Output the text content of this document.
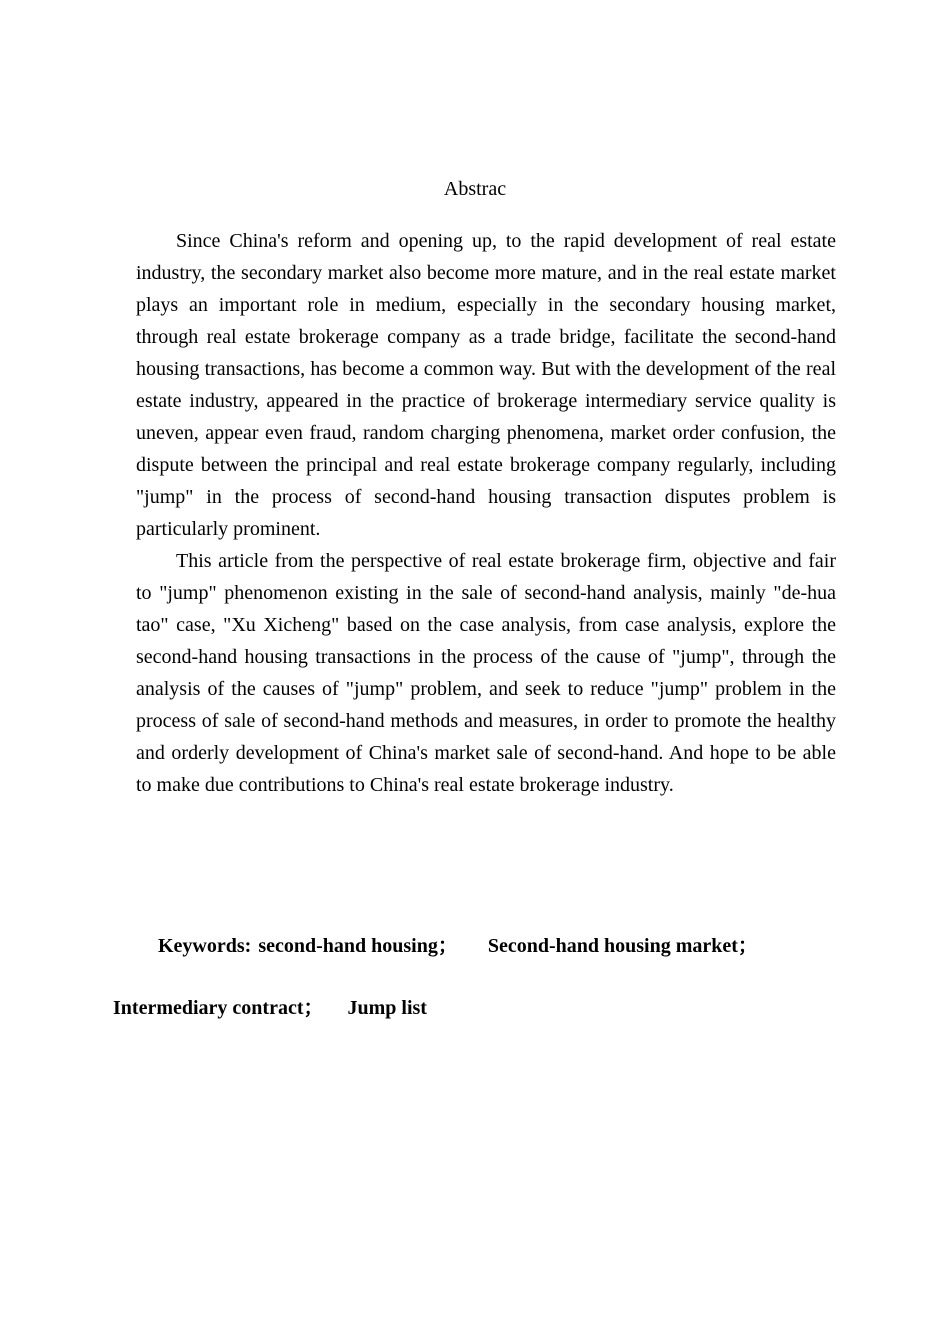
Abstrac

Since China's reform and opening up, to the rapid development of real estate industry, the secondary market also become more mature, and in the real estate market plays an important role in medium, especially in the secondary housing market, through real estate brokerage company as a trade bridge, facilitate the second-hand housing transactions, has become a common way. But with the development of the real estate industry, appeared in the practice of brokerage intermediary service quality is uneven, appear even fraud, random charging phenomena, market order confusion, the dispute between the principal and real estate brokerage company regularly, including "jump" in the process of second-hand housing transaction disputes problem is particularly prominent.

This article from the perspective of real estate brokerage firm, objective and fair to "jump" phenomenon existing in the sale of second-hand analysis, mainly "de-hua tao" case, "Xu Xicheng" based on the case analysis, from case analysis, explore the second-hand housing transactions in the process of the cause of "jump", through the analysis of the causes of "jump" problem, and seek to reduce "jump" problem in the process of sale of second-hand methods and measures, in order to promote the healthy and orderly development of China's market sale of second-hand. And hope to be able to make due contributions to China's real estate brokerage industry.

Keywords: second-hand housing； Second-hand housing market；
Intermediary contract； Jump list
